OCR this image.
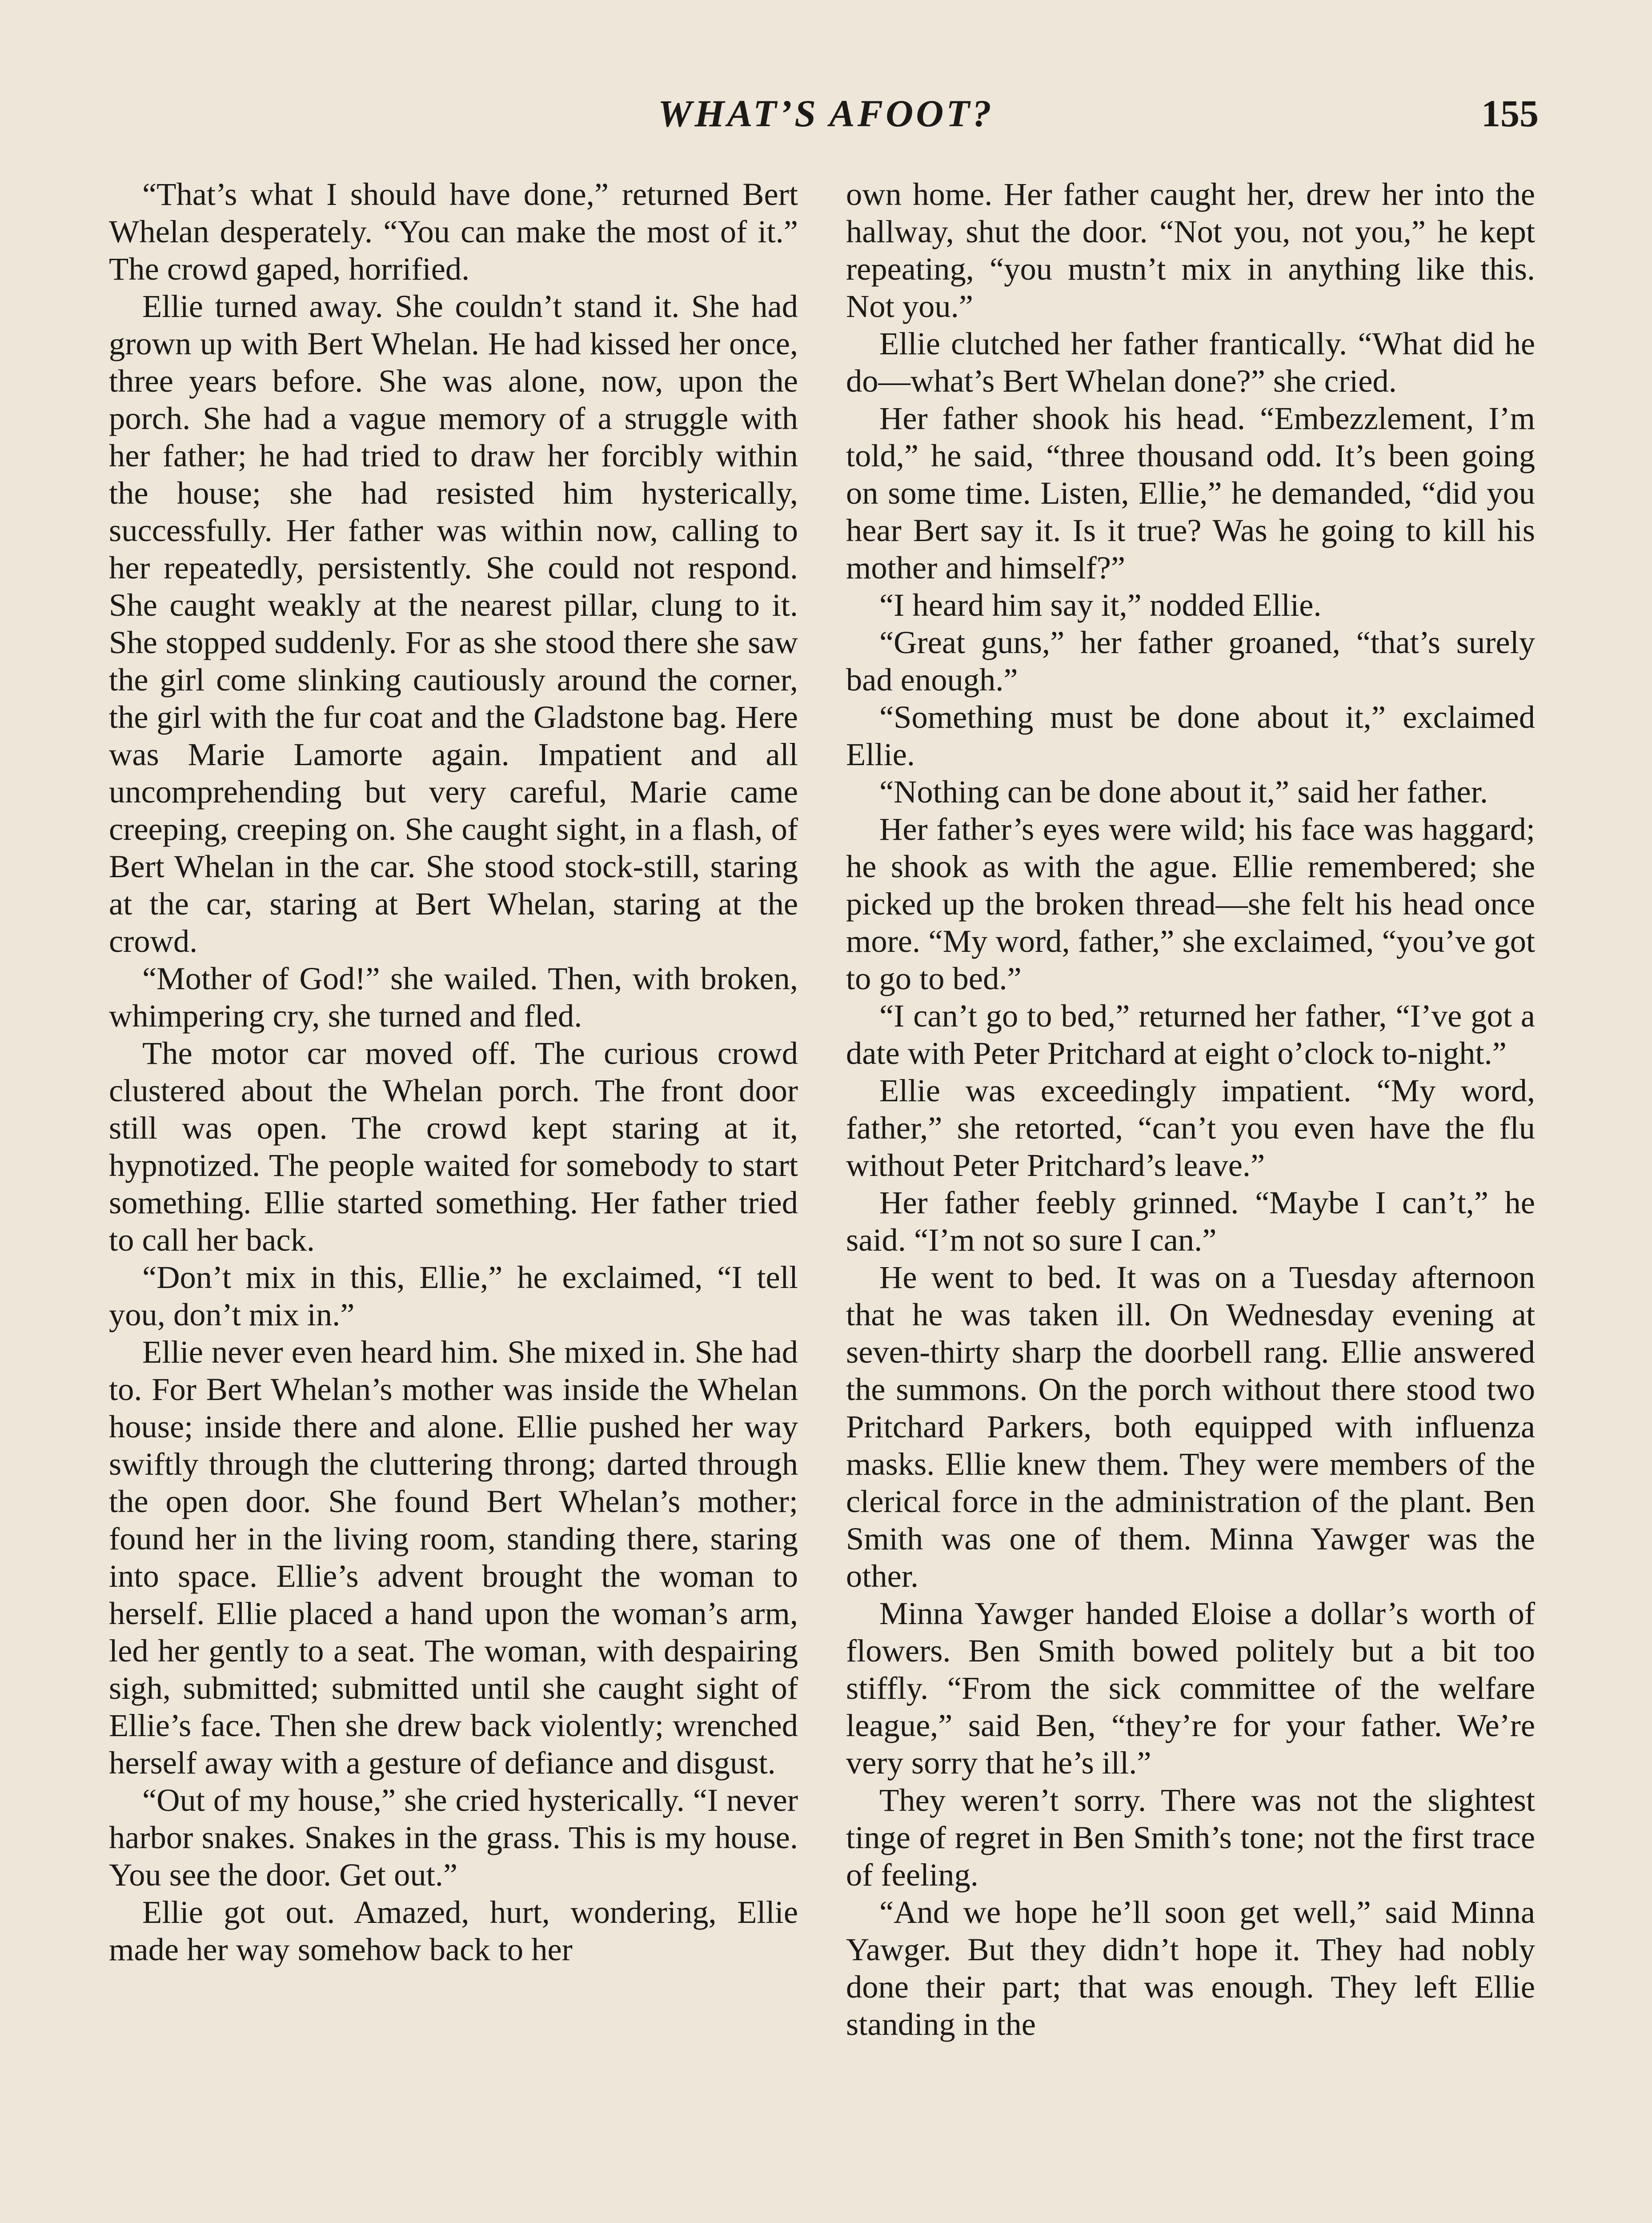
WHAT’S AFOOT?	155

“That’s what I should have done,” returned Bert Whelan desperately. “You can make the most of it.” The crowd gaped, horrified.

Ellie turned away. She couldn’t stand it. She had grown up with Bert Whelan. He had kissed her once, three years before. She was alone, now, upon the porch. She had a vague memory of a struggle with her father; he had tried to draw her forcibly within the house; she had resisted him hysterically, successfully. Her father was within now, calling to her repeatedly, persistently. She could not respond. She caught weakly at the nearest pillar, clung to it. She stopped suddenly. For as she stood there she saw the girl come slinking cautiously around the corner, the girl with the fur coat and the Gladstone bag. Here was Marie Lamorte again. Impatient and all uncomprehending but very careful, Marie came creeping, creeping on. She caught sight, in a flash, of Bert Whelan in the car. She stood stock-still, staring at the car, staring at Bert Whelan, staring at the crowd.

“Mother of God!” she wailed. Then, with broken, whimpering cry, she turned and fled.

The motor car moved off. The curious crowd clustered about the Whelan porch. The front door still was open. The crowd kept staring at it, hypnotized. The people waited for somebody to start something. Ellie started something. Her father tried to call her back.

“Don’t mix in this, Ellie,” he exclaimed, “I tell you, don’t mix in.”

Ellie never even heard him. She mixed in. She had to. For Bert Whelan’s mother was inside the Whelan house; inside there and alone. Ellie pushed her way swiftly through the cluttering throng; darted through the open door. She found Bert Whelan’s mother; found her in the living room, standing there, staring into space. Ellie’s advent brought the woman to herself. Ellie placed a hand upon the woman’s arm, led her gently to a seat. The woman, with despairing sigh, submitted; submitted until she caught sight of Ellie’s face. Then she drew back violently; wrenched herself away with a gesture of defiance and disgust.

“Out of my house,” she cried hysterically. “I never harbor snakes. Snakes in the grass. This is my house. You see the door. Get out.”

Ellie got out. Amazed, hurt, wondering, Ellie made her way somehow back to her

own home. Her father caught her, drew her into the hallway, shut the door. “Not you, not you,” he kept repeating, “you mustn’t mix in anything like this. Not you.”

Ellie clutched her father frantically. “What did he do—what’s Bert Whelan done?” she cried.

Her father shook his head. “Embezzlement, I’m told,” he said, “three thousand odd. It’s been going on some time. Listen, Ellie,” he demanded, “did you hear Bert say it. Is it true? Was he going to kill his mother and himself?”

“I heard him say it,” nodded Ellie.

“Great guns,” her father groaned, “that’s surely bad enough.”

“Something must be done about it,” exclaimed Ellie.

“Nothing can be done about it,” said her father.

Her father’s eyes were wild; his face was haggard; he shook as with the ague. Ellie remembered; she picked up the broken thread—she felt his head once more. “My word, father,” she exclaimed, “you’ve got to go to bed.”

“I can’t go to bed,” returned her father, “I’ve got a date with Peter Pritchard at eight o’clock to-night.”

Ellie was exceedingly impatient. “My word, father,” she retorted, “can’t you even have the flu without Peter Pritchard’s leave.”

Her father feebly grinned. “Maybe I can’t,” he said. “I’m not so sure I can.”

He went to bed. It was on a Tuesday afternoon that he was taken ill. On Wednesday evening at seven-thirty sharp the doorbell rang. Ellie answered the summons. On the porch without there stood two Pritchard Parkers, both equipped with influenza masks. Ellie knew them. They were members of the clerical force in the administration of the plant. Ben Smith was one of them. Minna Yawger was the other.

Minna Yawger handed Eloise a dollar’s worth of flowers. Ben Smith bowed politely but a bit too stiffly. “From the sick committee of the welfare league,” said Ben, “they’re for your father. We’re very sorry that he’s ill.”

They weren’t sorry. There was not the slightest tinge of regret in Ben Smith’s tone; not the first trace of feeling.

“And we hope he’ll soon get well,” said Minna Yawger. But they didn’t hope it. They had nobly done their part; that was enough. They left Ellie standing in the
